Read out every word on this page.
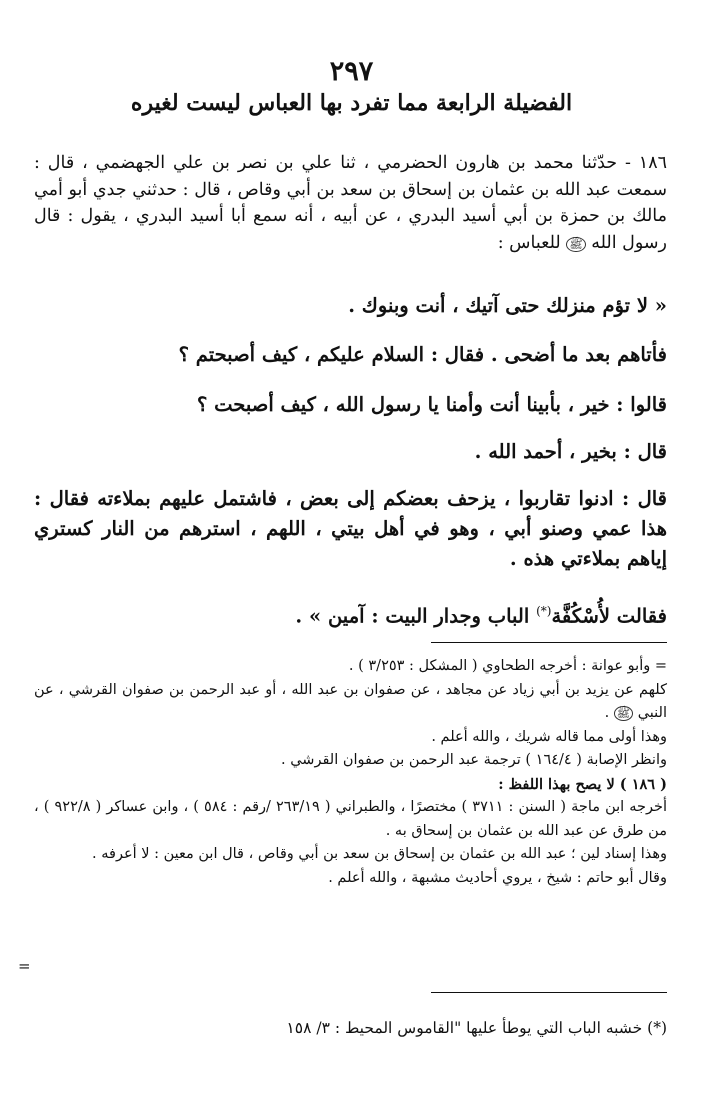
٢٩٧
الفضيلة الرابعة مما تفرد بها العباس ليست لغيره
١٨٦ - حدّثنا محمد بن هارون الحضرمي ، ثنا علي بن نصر بن علي الجهضمي ، قال : سمعت عبد الله بن عثمان بن إسحاق بن سعد بن أبي وقاص ، قال : حدثني جدي أبو أمي مالك بن حمزة بن أبي أسيد البدري ، عن أبيه ، أنه سمع أبا أسيد البدري ، يقول : قال رسول الله ﷺ للعباس :
« لا تؤم منزلك حتى آتيك ، أنت وبنوك .
فأتاهم بعد ما أضحى . فقال : السلام عليكم ، كيف أصبحتم ؟
قالوا : خير ، بأبينا أنت وأمنا يا رسول الله ، كيف أصبحت ؟
قال : بخير ، أحمد الله .
قال : ادنوا تقاربوا ، يزحف بعضكم إلى بعض ، فاشتمل عليهم بملاءته فقال : هذا عمي وصنو أبي ، وهو في أهل بيتي ، اللهم ، استرهم من النار كستري إياهم بملاءتي هذه .
فقالت لأُسْكُفَّة(*) الباب وجدار البيت : آمين » .

= وأبو عوانة : أخرجه الطحاوي ( المشكل : ٣/٢٥٣ ) .

كلهم عن يزيد بن أبي زياد عن مجاهد ، عن صفوان بن عبد الله ، أو عبد الرحمن بن صفوان القرشي ، عن النبي ﷺ .

وهذا أولى مما قاله شريك ، والله أعلم .

وانظر الإصابة ( ١٦٤/٤ ) ترجمة عبد الرحمن بن صفوان القرشي .

( ١٨٦ ) لا يصح بهذا اللفظ :

أخرجه ابن ماجة ( السنن : ٣٧١١ ) مختصرًا ، والطبراني ( ٢٦٣/١٩ /رقم : ٥٨٤ ) ، وابن عساكر ( ٩٢٢/٨ ) ، من طرق عن عبد الله بن عثمان بن إسحاق به .

وهذا إسناد لين ؛ عبد الله بن عثمان بن إسحاق بن سعد بن أبي وقاص ، قال ابن معين : لا أعرفه .

وقال أبو حاتم : شيخ ، يروي أحاديث مشبهة ، والله أعلم .

=
(*) خشبه الباب التي يوطأ عليها "القاموس المحيط : ٣/ ١٥٨
